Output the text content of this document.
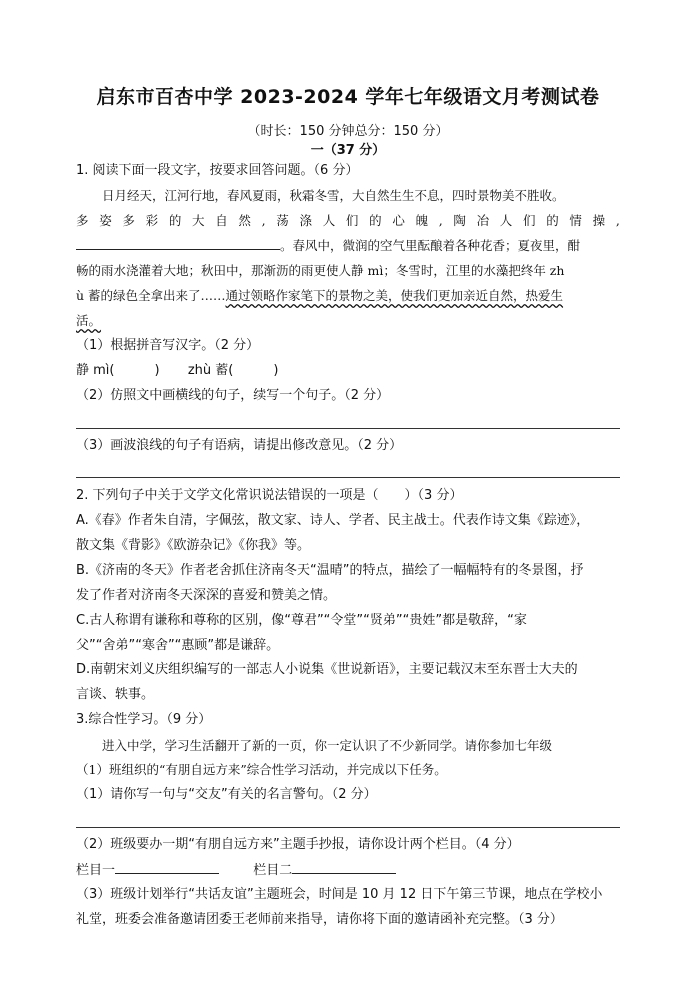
启东市百杏中学 2023-2024 学年七年级语文月考测试卷
（时长：150 分钟总分：150 分）
一（37 分）
1. 阅读下面一段文字，按要求回答问题。（6 分）
日月经天，江河行地，春风夏雨，秋霜冬雪，大自然生生不息，四时景物美不胜收。
多 姿 多 彩 的 大 自 然 , 荡 涤 人 们 的 心 魄 , 陶 冶 人 们 的 情 操 ,
。春风中，微润的空气里酝酿着各种花香；夏夜里，酣
畅的雨水浇灌着大地；秋田中，那渐沥的雨更使人静 mì；冬雪时，江里的水藻把终年 zh
ù 蓄的绿色全拿出来了……通过领略作家笔下的景物之美，使我们更加亲近自然，热爱生
活。
（1）根据拼音写汉字。（2 分）
静 mì(	) zhù 蓄(	)
（2）仿照文中画横线的句子，续写一个句子。（2 分）
（3）画波浪线的句子有语病，请提出修改意见。（2 分）
2. 下列句子中关于文学文化常识说法错误的一项是（　　）（3 分）
A.《春》作者朱自清，字佩弦，散文家、诗人、学者、民主战士。代表作诗文集《踪迹》，
散文集《背影》《欧游杂记》《你我》等。
B.《济南的冬天》作者老舍抓住济南冬天“温晴”的特点，描绘了一幅幅特有的冬景图，抒
发了作者对济南冬天深深的喜爱和赞美之情。
C.古人称谓有谦称和尊称的区别，像“尊君”“令堂”“贤弟”“贵姓”都是敬辞，“家
父”“舍弟”“寒舍”“惠顾”都是谦辞。
D.南朝宋刘义庆组织编写的一部志人小说集《世说新语》，主要记载汉末至东晋士大夫的
言谈、轶事。
3.综合性学习。（9 分）
进入中学，学习生活翻开了新的一页，你一定认识了不少新同学。请你参加七年级
（1）班组织的“有朋自远方来”综合性学习活动，并完成以下任务。
（1）请你写一句与“交友”有关的名言警句。（2 分）
（2）班级要办一期“有朋自远方来”主题手抄报，请你设计两个栏目。（4 分）
栏目一	栏目二
（3）班级计划举行“共话友谊”主题班会，时间是 10 月 12 日下午第三节课，地点在学校小
礼堂，班委会准备邀请团委王老师前来指导，请你将下面的邀请函补充完整。（3 分）
